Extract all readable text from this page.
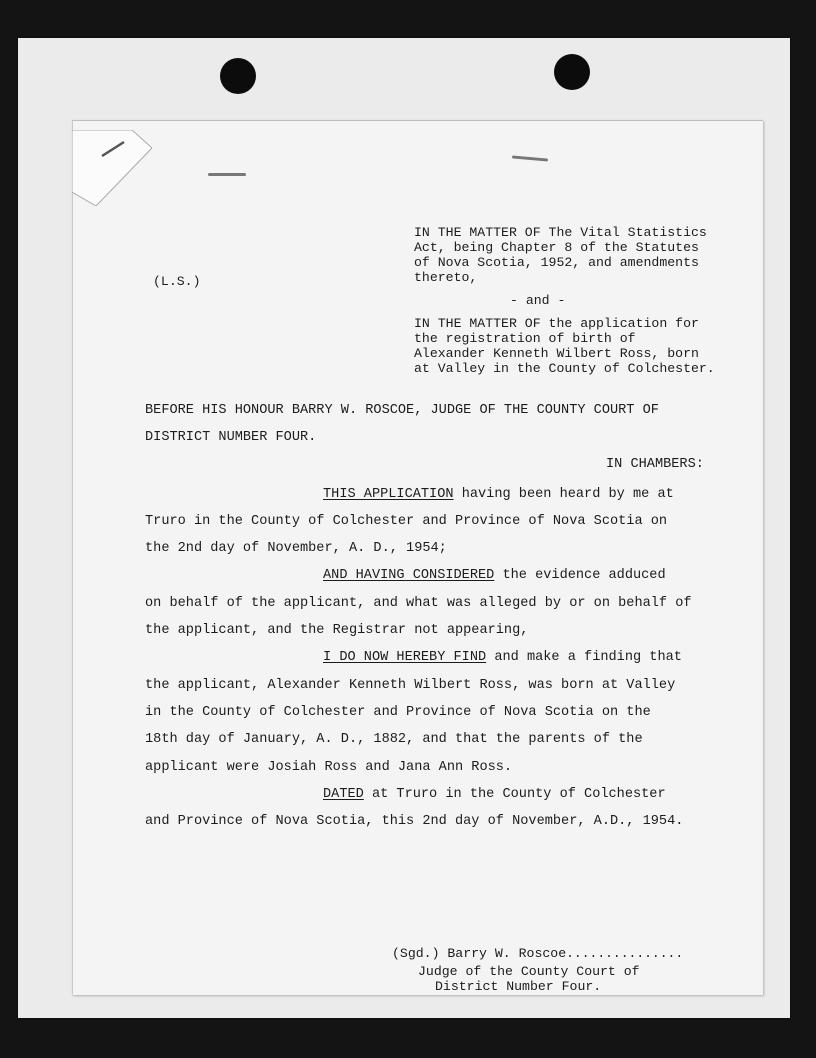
(L.S.)
IN THE MATTER OF The Vital Statistics
Act, being Chapter 8 of the Statutes
of Nova Scotia, 1952, and amendments
thereto,
- and -
IN THE MATTER OF the application for
the registration of birth of
Alexander Kenneth Wilbert Ross, born
at Valley in the County of Colchester.
BEFORE HIS HONOUR BARRY W. ROSCOE, JUDGE OF THE COUNTY COURT OF
DISTRICT NUMBER FOUR.
IN CHAMBERS:
THIS APPLICATION having been heard by me at
Truro in the County of Colchester and Province of Nova Scotia on
the 2nd day of November, A. D., 1954;
AND HAVING CONSIDERED the evidence adduced
on behalf of the applicant, and what was alleged by or on behalf of
the applicant, and the Registrar not appearing,
I DO NOW HEREBY FIND and make a finding that
the applicant, Alexander Kenneth Wilbert Ross, was born at Valley
in the County of Colchester and Province of Nova Scotia on the
18th day of January, A. D., 1882, and that the parents of the
applicant were Josiah Ross and Jana Ann Ross.
DATED at Truro in the County of Colchester
and Province of Nova Scotia, this 2nd day of November, A.D., 1954.
(Sgd.) Barry W. Roscoe...............
Judge of the County Court of
District Number Four.
